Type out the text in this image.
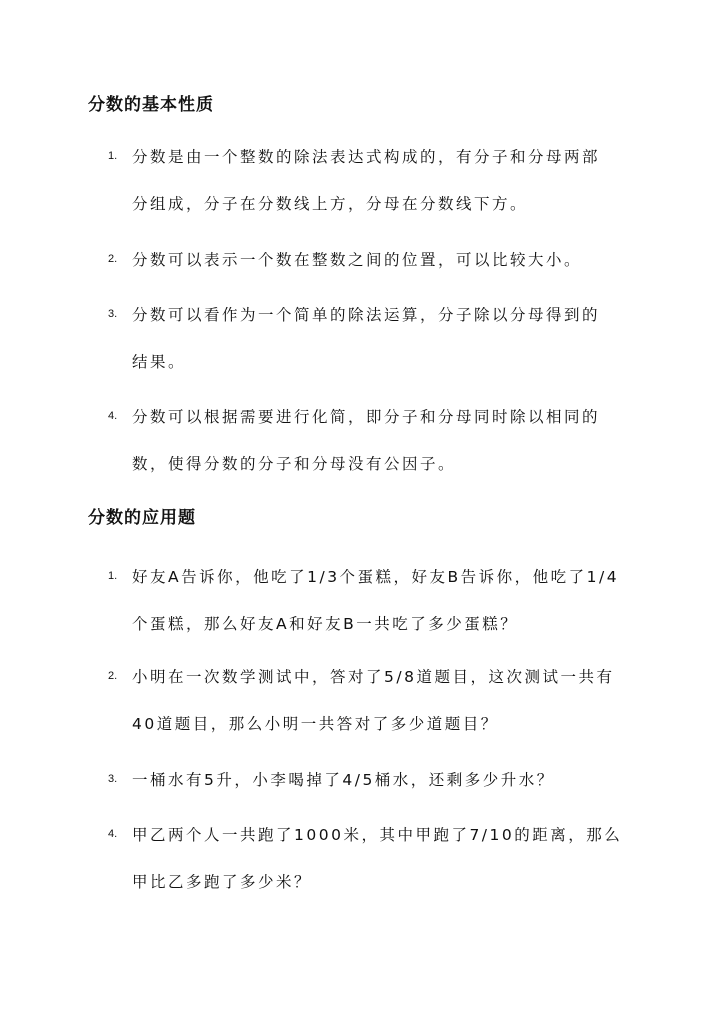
分数的基本性质
1. 分数是由一个整数的除法表达式构成的，有分子和分母两部
分组成，分子在分数线上方，分母在分数线下方。
2. 分数可以表示一个数在整数之间的位置，可以比较大小。
3. 分数可以看作为一个简单的除法运算，分子除以分母得到的
结果。
4. 分数可以根据需要进行化简，即分子和分母同时除以相同的
数，使得分数的分子和分母没有公因子。
分数的应用题
1. 好友A告诉你，他吃了1/3个蛋糕，好友B告诉你，他吃了1/4
个蛋糕，那么好友A和好友B一共吃了多少蛋糕？
2. 小明在一次数学测试中，答对了5/8道题目，这次测试一共有
40道题目，那么小明一共答对了多少道题目？
3. 一桶水有5升，小李喝掉了4/5桶水，还剩多少升水？
4. 甲乙两个人一共跑了1000米，其中甲跑了7/10的距离，那么
甲比乙多跑了多少米？
